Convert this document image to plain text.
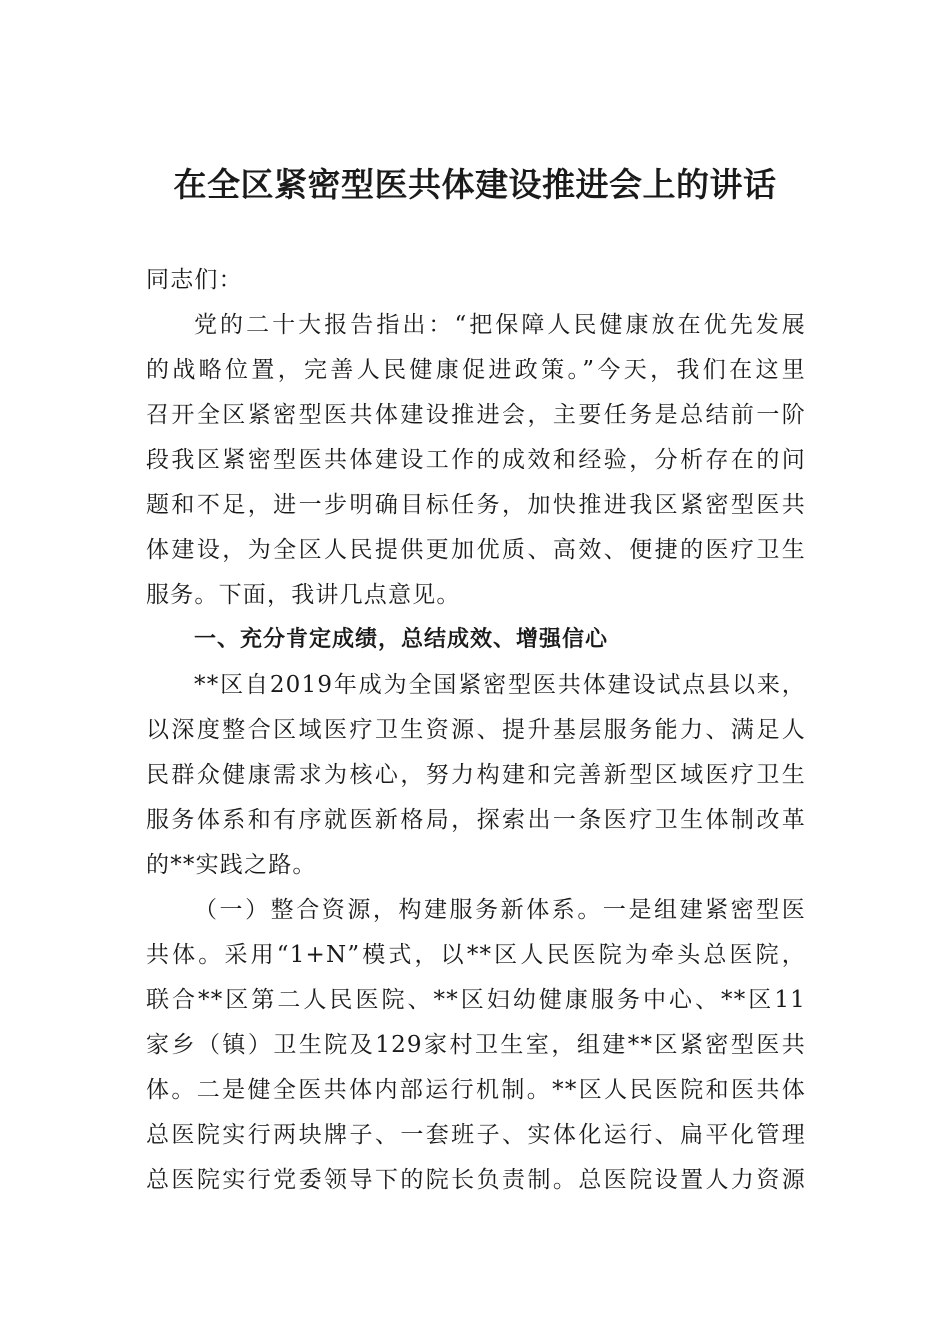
在全区紧密型医共体建设推进会上的讲话
同志们：
党的二十大报告指出：“把保障人民健康放在优先发展
的战略位置，完善人民健康促进政策。”今天，我们在这里
召开全区紧密型医共体建设推进会，主要任务是总结前一阶
段我区紧密型医共体建设工作的成效和经验，分析存在的问
题和不足，进一步明确目标任务，加快推进我区紧密型医共
体建设，为全区人民提供更加优质、高效、便捷的医疗卫生
服务。下面，我讲几点意见。
一、充分肯定成绩，总结成效、增强信心
**区自2019年成为全国紧密型医共体建设试点县以来，
以深度整合区域医疗卫生资源、提升基层服务能力、满足人
民群众健康需求为核心，努力构建和完善新型区域医疗卫生
服务体系和有序就医新格局，探索出一条医疗卫生体制改革
的**实践之路。
（一）整合资源，构建服务新体系。一是组建紧密型医
共体。采用“1+N”模式，以**区人民医院为牵头总医院，
联合**区第二人民医院、**区妇幼健康服务中心、**区11
家乡（镇）卫生院及129家村卫生室，组建**区紧密型医共
体。二是健全医共体内部运行机制。**区人民医院和医共体
总医院实行两块牌子、一套班子、实体化运行、扁平化管理
总医院实行党委领导下的院长负责制。总医院设置人力资源
